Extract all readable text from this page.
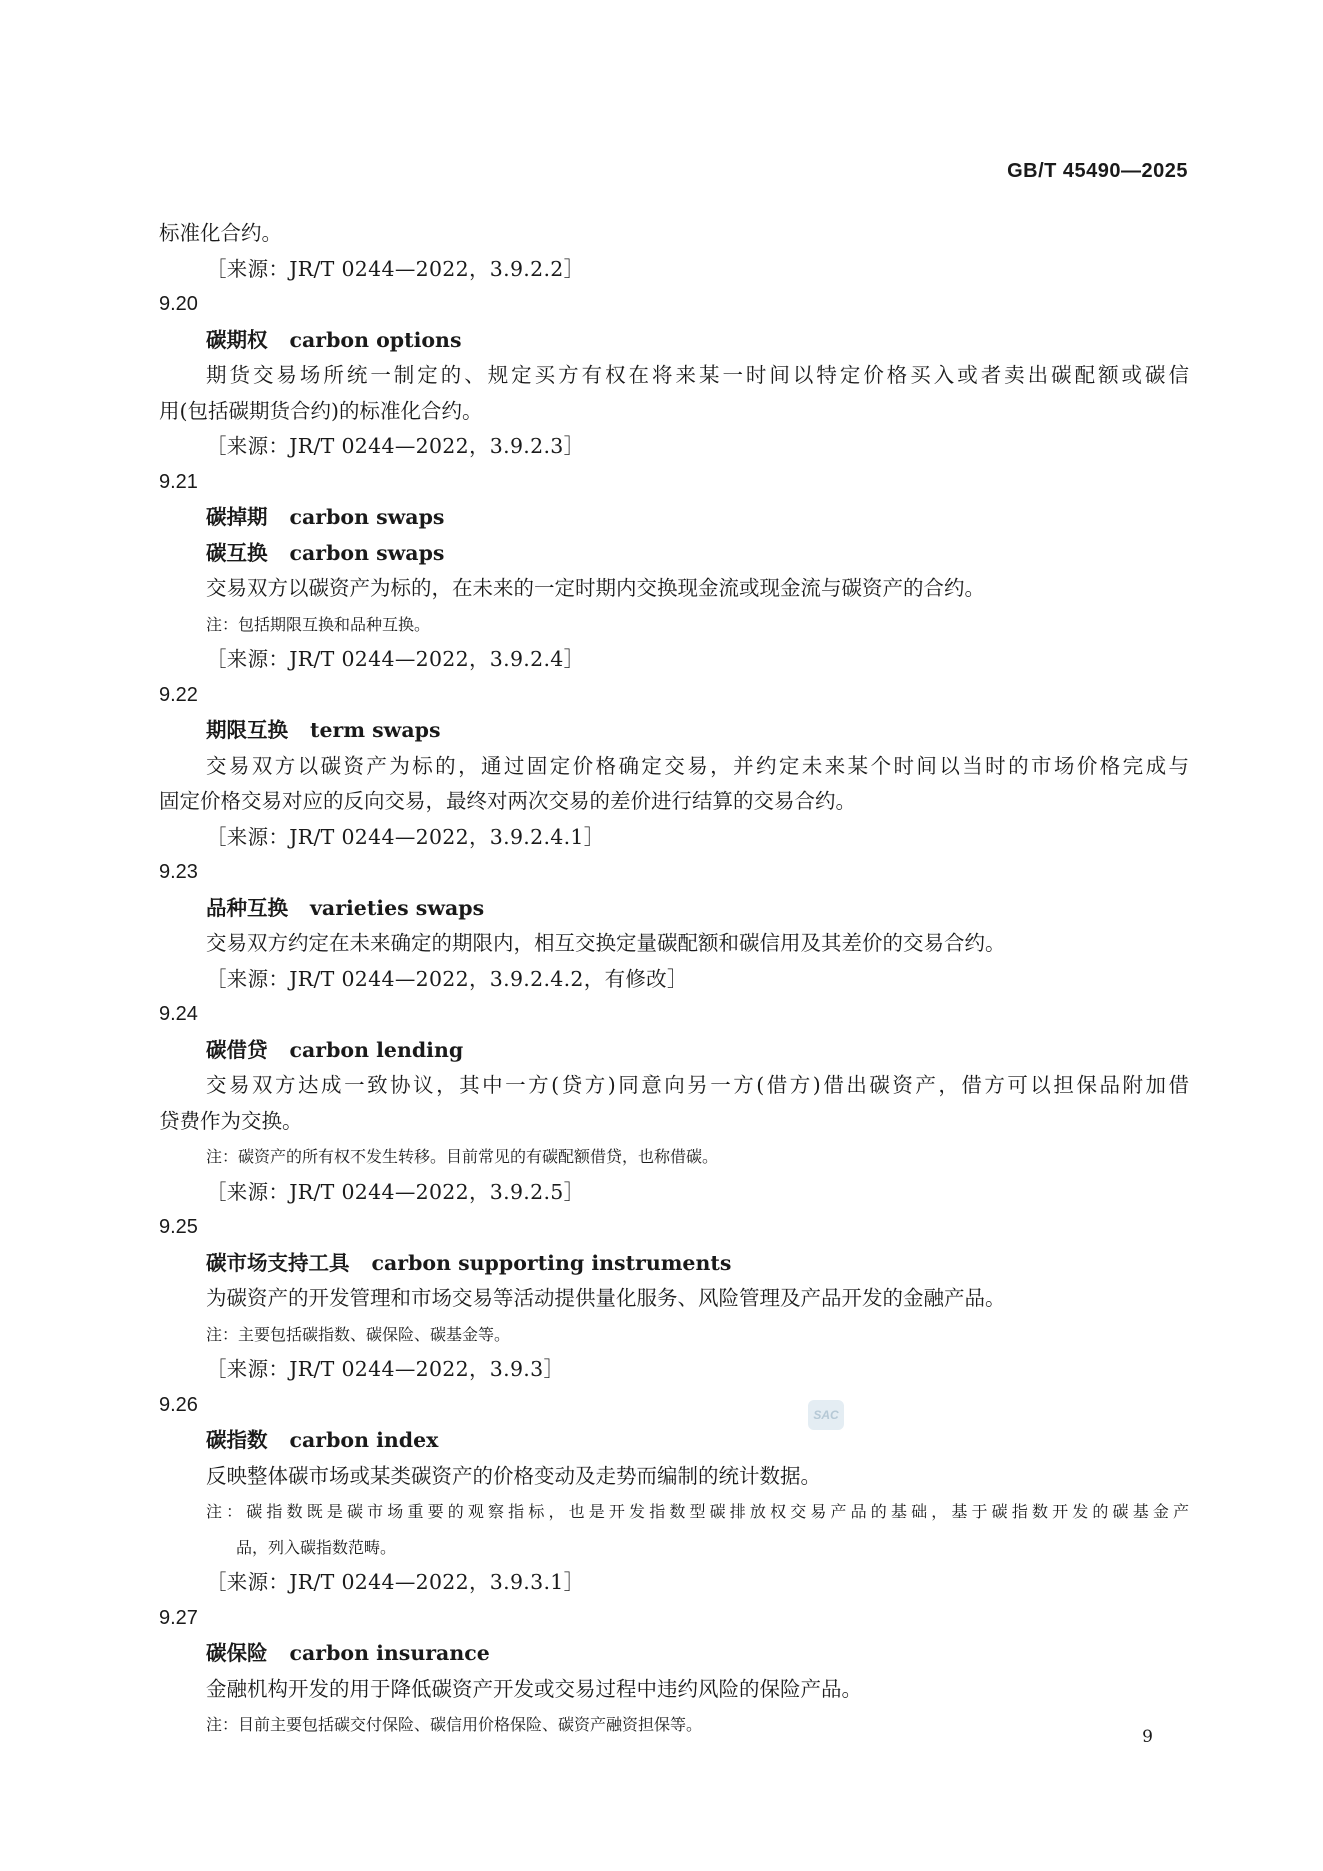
GB/T 45490—2025
标准化合约。
［来源：JR/T 0244—2022，3.9.2.2］
9.20
碳期权 carbon options
期货交易场所统一制定的、规定买方有权在将来某一时间以特定价格买入或者卖出碳配额或碳信
用(包括碳期货合约)的标准化合约。
［来源：JR/T 0244—2022，3.9.2.3］
9.21
碳掉期 carbon swaps
碳互换 carbon swaps
交易双方以碳资产为标的，在未来的一定时期内交换现金流或现金流与碳资产的合约。
注：包括期限互换和品种互换。
［来源：JR/T 0244—2022，3.9.2.4］
9.22
期限互换 term swaps
交易双方以碳资产为标的，通过固定价格确定交易，并约定未来某个时间以当时的市场价格完成与
固定价格交易对应的反向交易，最终对两次交易的差价进行结算的交易合约。
［来源：JR/T 0244—2022，3.9.2.4.1］
9.23
品种互换 varieties swaps
交易双方约定在未来确定的期限内，相互交换定量碳配额和碳信用及其差价的交易合约。
［来源：JR/T 0244—2022，3.9.2.4.2，有修改］
9.24
碳借贷 carbon lending
交易双方达成一致协议，其中一方(贷方)同意向另一方(借方)借出碳资产，借方可以担保品附加借
贷费作为交换。
注：碳资产的所有权不发生转移。目前常见的有碳配额借贷，也称借碳。
［来源：JR/T 0244—2022，3.9.2.5］
9.25
碳市场支持工具 carbon supporting instruments
为碳资产的开发管理和市场交易等活动提供量化服务、风险管理及产品开发的金融产品。
注：主要包括碳指数、碳保险、碳基金等。
［来源：JR/T 0244—2022，3.9.3］
9.26
碳指数 carbon index
反映整体碳市场或某类碳资产的价格变动及走势而编制的统计数据。
注：碳指数既是碳市场重要的观察指标，也是开发指数型碳排放权交易产品的基础，基于碳指数开发的碳基金产
品，列入碳指数范畴。
［来源：JR/T 0244—2022，3.9.3.1］
9.27
碳保险 carbon insurance
金融机构开发的用于降低碳资产开发或交易过程中违约风险的保险产品。
注：目前主要包括碳交付保险、碳信用价格保险、碳资产融资担保等。
SAC
9
